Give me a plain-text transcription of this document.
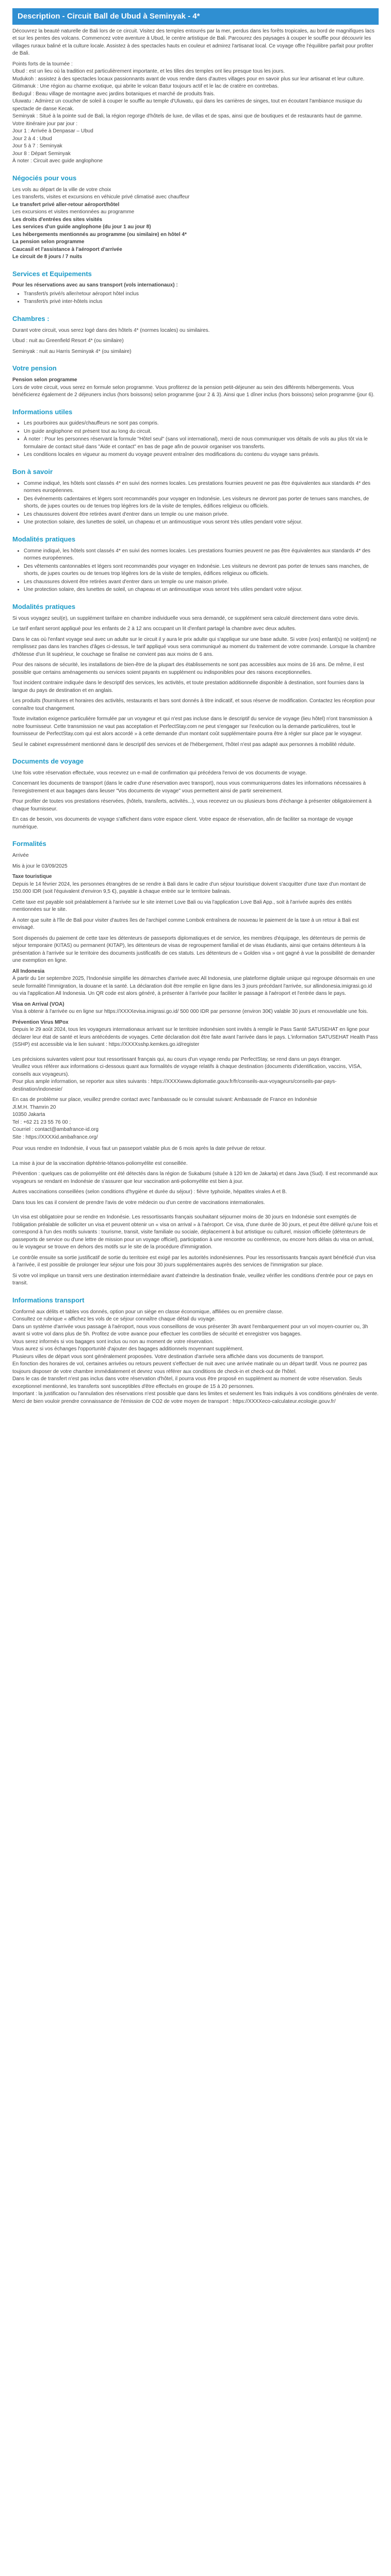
Description - Circuit Ball de Ubud à Seminyak - 4*

Découvrez la beauté naturelle de Bali lors de ce circuit. Visitez des temples entourés par la mer, perdus dans les forêts tropicales, au bord de magnifiques lacs et sur les pentes des volcans. Commencez votre aventure à Ubud, le centre artistique de Bali. Parcourez des paysages à couper le souffle pour découvrir les villages ruraux baliné et la culture locale. Assistez à des spectacles hauts en couleur et admirez l'artisanat local. Ce voyage offre l'équilibre parfait pour profiter de Bali.

Points forts de la tournée :

Ubud : est un lieu où la tradition est particulièrement importante, et les tilles des temples ont lieu presque tous les jours.

Mudukoh : assistez à des spectacles locaux passionnants avant de vous rendre dans d'autres villages pour en savoir plus sur leur artisanat et leur culture.

Gitimanuk : Une région au charme exotique, qui abrite le volcan Batur toujours actif et le lac de cratère en contrebas.

Bedugul : Beau village de montagne avec jardins botaniques et marché de produits frais.

Uluwatu : Admirez un coucher de soleil à couper le souffle au temple d'Uluwatu, qui dans les carrières de singes, tout en écoutant l'ambiance musique du spectacle de danse Kecak.

Seminyak : Situé à la pointe sud de Bali, la région regorge d'hôtels de luxe, de villas et de spas, ainsi que de boutiques et de restaurants haut de gamme.

Votre itinéraire jour par jour :

Jour 1 : Arrivée à Denpasar – Ubud

Jour 2 à 4 : Ubud

Jour 5 à 7 : Seminyak

Jour 8 : Départ Seminyak

À noter : Circuit avec guide anglophone

Négociés pour vous

Les vols au départ de la ville de votre choix

Les transferts, visites et excursions en véhicule privé climatisé avec chauffeur

Le transfert privé aller-retour aéroport/hôtel

Les excursions et visites mentionnées au programme

Les droits d'entrées des sites visités

Les services d'un guide anglophone (du jour 1 au jour 8)

Les hébergements mentionnés au programme (ou similaire) en hôtel 4*

La pension selon programme

Caucasil et l'assistance à l'aéroport d'arrivée

Le circuit de 8 jours / 7 nuits

Services et Equipements

Pour les réservations avec au sans transport (vols internationaux) :

• Transfert/s privé/s aller/retour aéroport hôtel inclus
• Transfert/s privé inter-hôtels inclus
Chambres :

Durant votre circuit, vous serez logé dans des hôtels 4* (normes locales) ou similaires.

Ubud : nuit au Greenfield Resort 4* (ou similaire)

Seminyak : nuit au Harris Seminyak 4* (ou similaire)

Votre pension

Pension selon programme

Lors de votre circuit, vous serez en formule selon programme. Vous profiterez de la pension petit-déjeuner au sein des différents hébergements. Vous bénéficierez également de 2 déjeuners inclus (hors boissons) selon programme (jour 2 & 3). Ainsi que 1 dîner inclus (hors boissons) selon programme (jour 6).

Informations utiles
• Les pourboires aux guides/chauffeurs ne sont pas compris.
• Un guide anglophone est présent tout au long du circuit.
• À noter : Pour les personnes réservant la formule "Hôtel seul" (sans vol international), merci de nous communiquer vos détails de vols au plus tôt via le formulaire de contact situé dans "Aide et contact" en bas de page afin de pouvoir organiser vos transferts.
• Les conditions locales en vigueur au moment du voyage peuvent entraîner des modifications du contenu du voyage sans préavis.
Bon à savoir
• Comme indiqué, les hôtels sont classés 4* en suivi des normes locales. Les prestations fournies peuvent ne pas être équivalentes aux standards 4* des normes européennes.
• Des événements cadentaires et légers sont recommandés pour voyager en Indonésie. Les visiteurs ne devront pas porter de tenues sans manches, de shorts, de jupes courtes ou de tenues trop légères lors de la visite de temples, édifices religieux ou officiels.
• Les chaussures doivent être retirées avant d'entrer dans un temple ou une maison privée.
• Une protection solaire, des lunettes de soleil, un chapeau et un antimoustique vous seront très utiles pendant votre séjour.
Modalités pratiques
• Comme indiqué, les hôtels sont classés 4* en suivi des normes locales. Les prestations fournies peuvent ne pas être équivalentes aux standards 4* des normes européennes.
• Des vêtements cantonnables et légers sont recommandés pour voyager en Indonésie. Les visiteurs ne devront pas porter de tenues sans manches, de shorts, de jupes courtes ou de tenues trop légères lors de la visite de temples, édifices religieux ou officiels.
• Les chaussures doivent être retirées avant d'entrer dans un temple ou une maison privée.
• Une protection solaire, des lunettes de soleil, un chapeau et un antimoustique vous seront très utiles pendant votre séjour.
Modalités pratiques

Si vous voyagez seul(e), un supplément tarifaire en chambre individuelle vous sera demandé, ce supplément sera calculé directement dans votre devis.

Le tarif enfant seront appliqué pour les enfants de 2 à 12 ans occupant un lit d'enfant partagé la chambre avec deux adultes.

Dans le cas où l'enfant voyage seul avec un adulte sur le circuit il y aura le prix adulte qui s'applique sur une base adulte. Si votre (vos) enfant(s) ne voit(ent) ne remplissez pas dans les tranches d'âges ci-dessus, le tarif appliqué vous sera communiqué au moment du traitement de votre commande. Lorsque la chambre d'hôtesse d'un lit supérieur, le couchage se finalise ne convient pas aux moins de 6 ans.

Pour des raisons de sécurité, les installations de bien-être de la plupart des établissements ne sont pas accessibles aux moins de 16 ans. De même, il est possible que certains aménagements ou services soient payants en supplément ou indisponibles pour des raisons exceptionnelles.

Tout incident contraire indiquée dans le descriptif des services, les activités, et toute prestation additionnelle disponible à destination, sont fournies dans la langue du pays de destination et en anglais.

Les produits (fournitures et horaires des activités, restaurants et bars sont donnés à titre indicatif, et sous réserve de modification. Contactez les réception pour connaître tout changement.

Toute invitation exigence particulière formulée par un voyageur et qui n'est pas incluse dans le descriptif du service de voyage (lieu hôtel) n'ont transmission à notre fournisseur. Cette transmission ne vaut pas acceptation et PerfectStay.com ne peut s'engager sur l'exécution ou la demande particulières, tout le fournisseur de PerfectStay.com qui est alors accordé » à cette demande d'un montant coût supplémentaire pourra être à régler sur place par le voyageur.

Seul le cabinet expressément mentionné dans le descriptif des services et de l'hébergement, l'hôtel n'est pas adapté aux personnes à mobilité réduite.

Documents de voyage

Une fois votre réservation effectuée, vous recevrez un e-mail de confirmation qui précédera l'envoi de vos documents de voyage.

Concernant les documents de transport (dans le cadre d'une réservation avec transport), nous vous communiquerons dates les informations nécessaires à l'enregistrement et aux bagages dans lieuser "Vos documents de voyage" vous permettent ainsi de partir sereinement.

Pour profiter de toutes vos prestations réservées, (hôtels, transferts, activités...), vous recevrez un ou plusieurs bons d'échange à présenter obligatoirement à chaque fournisseur.

En cas de besoin, vos documents de voyage s'affichent dans votre espace client. Votre espace de réservation, afin de faciliter sa montage de voyage numérique.

Formalités

Arrivée

Mis à jour le 03/09/2025

Taxe touristique

Depuis le 14 février 2024, les personnes étrangères de se rendre à Bali dans le cadre d'un séjour touristique doivent s'acquitter d'une taxe d'un montant de 150.000 IDR (soit l'équivalent d'environ 9,5 €), payable à chaque entrée sur le territoire balinais.

Cette taxe est payable soit préalablement à l'arrivée sur le site internet Love Bali ou via l'application Love Bali App., soit à l'arrivée auprès des entités mentionnées sur le site.

À noter que suite à l'île de Bali pour visiter d'autres îles de l'archipel comme Lombok entraînera de nouveau le paiement de la taxe à un retour à Bali est envisagé.

Sont dispensés du paiement de cette taxe les détenteurs de passeports diplomatiques et de service, les membres d'équipage, les détenteurs de permis de séjour temporaire (KITAS) ou permanent (KITAP), les détenteurs de visas de regroupement familial et de visas étudiants, ainsi que certains détenteurs à la présentation à l'arrivée sur le territoire des documents justificatifs de ces statuts. Les détenteurs de « Golden visa » ont gagné à vue la possibilité de demander une exemption en ligne.

All Indonesia

À partir du 1er septembre 2025, l'Indonésie simplifie les démarches d'arrivée avec All Indonesia, une plateforme digitale unique qui regroupe désormais en une seule formalité l'immigration, la douane et la santé. La déclaration doit être remplie en ligne dans les 3 jours précédant l'arrivée, sur allindonesia.imigrasi.go.id ou via l'application All Indonesia. Un QR code est alors généré, à présenter à l'arrivée pour faciliter le passage à l'aéroport et l'entrée dans le pays.

Visa on Arrival (VOA)

Visa à obtenir à l'arrivée ou en ligne sur https://XXXXevisa.imigrasi.go.id/ 500 000 IDR par personne (environ 30€) valable 30 jours et renouvelable une fois.

Prévention Virus MPox

Depuis le 29 août 2024, tous les voyageurs internationaux arrivant sur le territoire indonésien sont invités à remplir le Pass Santé SATUSEHAT en ligne pour déclarer leur état de santé et leurs antécédents de voyages. Cette déclaration doit être faite avant l'arrivée dans le pays. L'information SATUSEHAT Health Pass (SSHP) est accessible via le lien suivant : https://XXXXsshp.kemkes.go.id/register

Les précisions suivantes valent pour tout ressortissant français qui, au cours d'un voyage rendu par PerfectStay, se rend dans un pays étranger.

Veuillez vous référer aux informations ci-dessous quant aux formalités de voyage relatifs à chaque destination (documents d'identification, vaccins, VISA, conseils aux voyageurs).

Pour plus ample information, se reporter aux sites suivants : https://XXXXwww.diplomatie.gouv.fr/fr/conseils-aux-voyageurs/conseils-par-pays-destination/indonesie/

En cas de problème sur place, veuillez prendre contact avec l'ambassade ou le consulat suivant: Ambassade de France en Indonésie

Jl.M.H. Thamrin 20

10350 Jakarta

Tel : +62 21 23 55 76 00 ;

Courriel : contact@ambafrance-id.org

Site : https://XXXXid.ambafrance.org/

Pour vous rendre en Indonésie, il vous faut un passeport valable plus de 6 mois après la date prévue de retour.

La mise à jour de la vaccination diphtérie-tétanos-poliomyélite est conseillée.

Prévention : quelques cas de poliomyélite ont été détectés dans la région de Sukabumi (située à 120 km de Jakarta) et dans Java (Sud). Il est recommandé aux voyageurs se rendant en Indonésie de s'assurer que leur vaccination anti-poliomyélite est bien à jour.

Autres vaccinations conseillées (selon conditions d'hygiène et durée du séjour) : fièvre typhoïde, hépatites virales A et B.

Dans tous les cas il convient de prendre l'avis de votre médecin ou d'un centre de vaccinations internationales.

Un visa est obligatoire pour se rendre en Indonésie. Les ressortissants français souhaitant séjourner moins de 30 jours en Indonésie sont exemptés de l'obligation préalable de solliciter un visa et peuvent obtenir un « visa on arrival » à l'aéroport. Ce visa, d'une durée de 30 jours, et peut être délivré qu'une fois et correspond à l'un des motifs suivants : tourisme, transit, visite familiale ou sociale, déplacement à but artistique ou culturel, mission officielle (détenteurs de passeports de service ou d'une lettre de mission pour un voyage officiel), participation à une rencontre ou conférence, ou encore hors délais du visa on arrival, ou le voyageur se trouve en dehors des motifs sur le site de la procédure d'immigration.

Le contrôle ensuite sa sortie justificatif de sortie du territoire est exigé par les autorités indonésiennes. Pour les ressortissants français ayant bénéficié d'un visa à l'arrivée, il est possible de prolonger leur séjour une fois pour 30 jours supplémentaires auprès des services de l'immigration sur place.

Si votre vol implique un transit vers une destination intermédiaire avant d'atteindre la destination finale, veuillez vérifier les conditions d'entrée pour ce pays en transit.

Informations transport

Conformé aux délits et tables vos donnés, option pour un siège en classe économique, affiliées ou en première classe.

Consultez ce rubrique « affichez les vols de ce séjour connaître chaque détail du voyage.

Dans un système d'arrivée vous passage à l'aéroport, nous vous conseillons de vous présenter 3h avant l'embarquement pour un vol moyen-courrier ou, 3h avant si votre vol dans plus de 5h. Profitez de votre avance pour effectuer les contrôles de sécurité et enregistrer vos bagages.

Vous serez informés si vos bagages sont inclus ou non au moment de votre réservation.

Vous aurez si vos échanges l'opportunité d'ajouter des bagages additionnels moyennant supplément.

Plusieurs villes de départ vous sont généralement proposées. Votre destination d'arrivée sera affichée dans vos documents de transport.

En fonction des horaires de vol, certaines arrivées ou retours peuvent s'effectuer de nuit avec une arrivée matinale ou un départ tardif. Vous ne pourrez pas toujours disposer de votre chambre immédiatement et devrez vous référer aux conditions de check-in et check-out de l'hôtel.

Dans le cas de transfert n'est pas inclus dans votre réservation d'hôtel, il pourra vous être proposé en supplément au moment de votre réservation. Seuls exceptionnel mentionné, les transferts sont susceptibles d'être effectués en groupe de 15 à 20 personnes.

Important : la justification ou l'annulation des réservations n'est possible que dans les limites et seulement les frais indiqués à vos conditions générales de vente.

Merci de bien vouloir prendre connaissance de l'émission de CO2 de votre moyen de transport : https://XXXXeco-calculateur.ecologie.gouv.fr/
